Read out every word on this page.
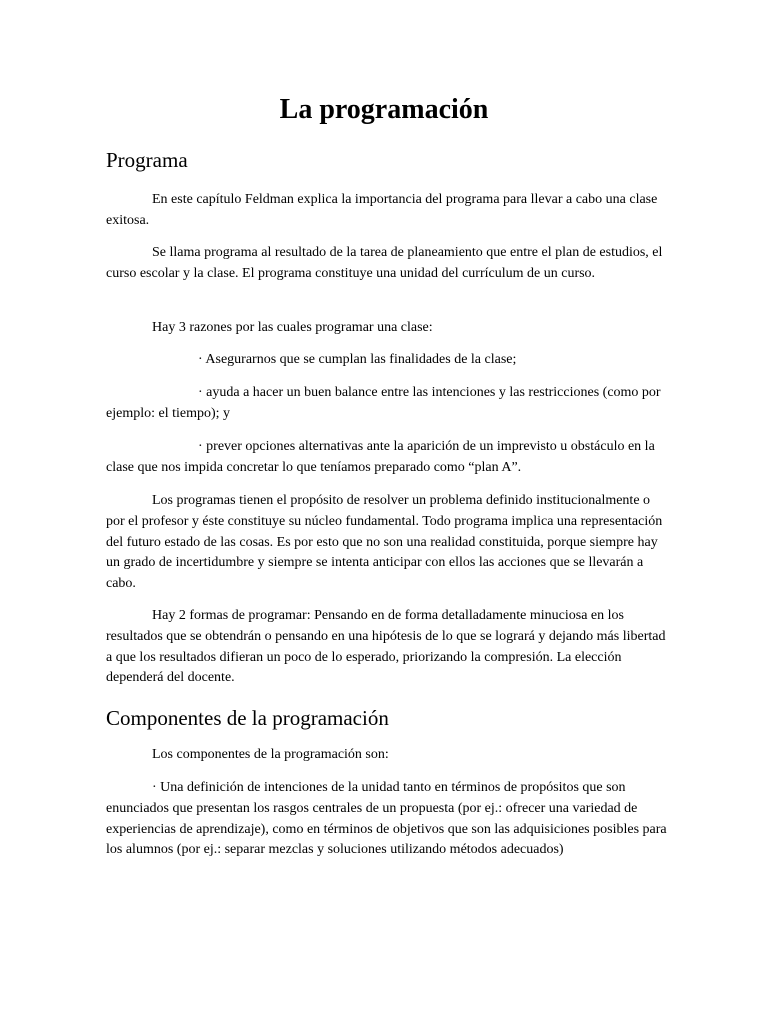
La programación
Programa

En este capítulo Feldman explica la importancia del programa para llevar a cabo una clase exitosa.

Se llama programa al resultado de la tarea de planeamiento que entre el plan de estudios, el curso escolar y la clase. El programa constituye una unidad del currículum de un curso.

Hay 3 razones por las cuales programar una clase:

· Asegurarnos que se cumplan las finalidades de la clase;

· ayuda a hacer un buen balance entre las intenciones y las restricciones (como por ejemplo: el tiempo); y

· prever opciones alternativas ante la aparición de un imprevisto u obstáculo en la clase que nos impida concretar lo que teníamos preparado como “plan A”.

Los programas tienen el propósito de resolver un problema definido institucionalmente o por el profesor y éste constituye su núcleo fundamental. Todo programa implica una representación del futuro estado de las cosas. Es por esto que no son una realidad constituida, porque siempre hay un grado de incertidumbre y siempre se intenta anticipar con ellos las acciones que se llevarán a cabo.

Hay 2 formas de programar: Pensando en de forma detalladamente minuciosa en los resultados que se obtendrán o pensando en una hipótesis de lo que se logrará y dejando más libertad a que los resultados difieran un poco de lo esperado, priorizando la compresión. La elección dependerá del docente.

Componentes de la programación

Los componentes de la programación son:

· Una definición de intenciones de la unidad tanto en términos de propósitos que son enunciados que presentan los rasgos centrales de un propuesta (por ej.: ofrecer una variedad de experiencias de aprendizaje), como en términos de objetivos que son las adquisiciones posibles para los alumnos (por ej.: separar mezclas y soluciones utilizando métodos adecuados)
